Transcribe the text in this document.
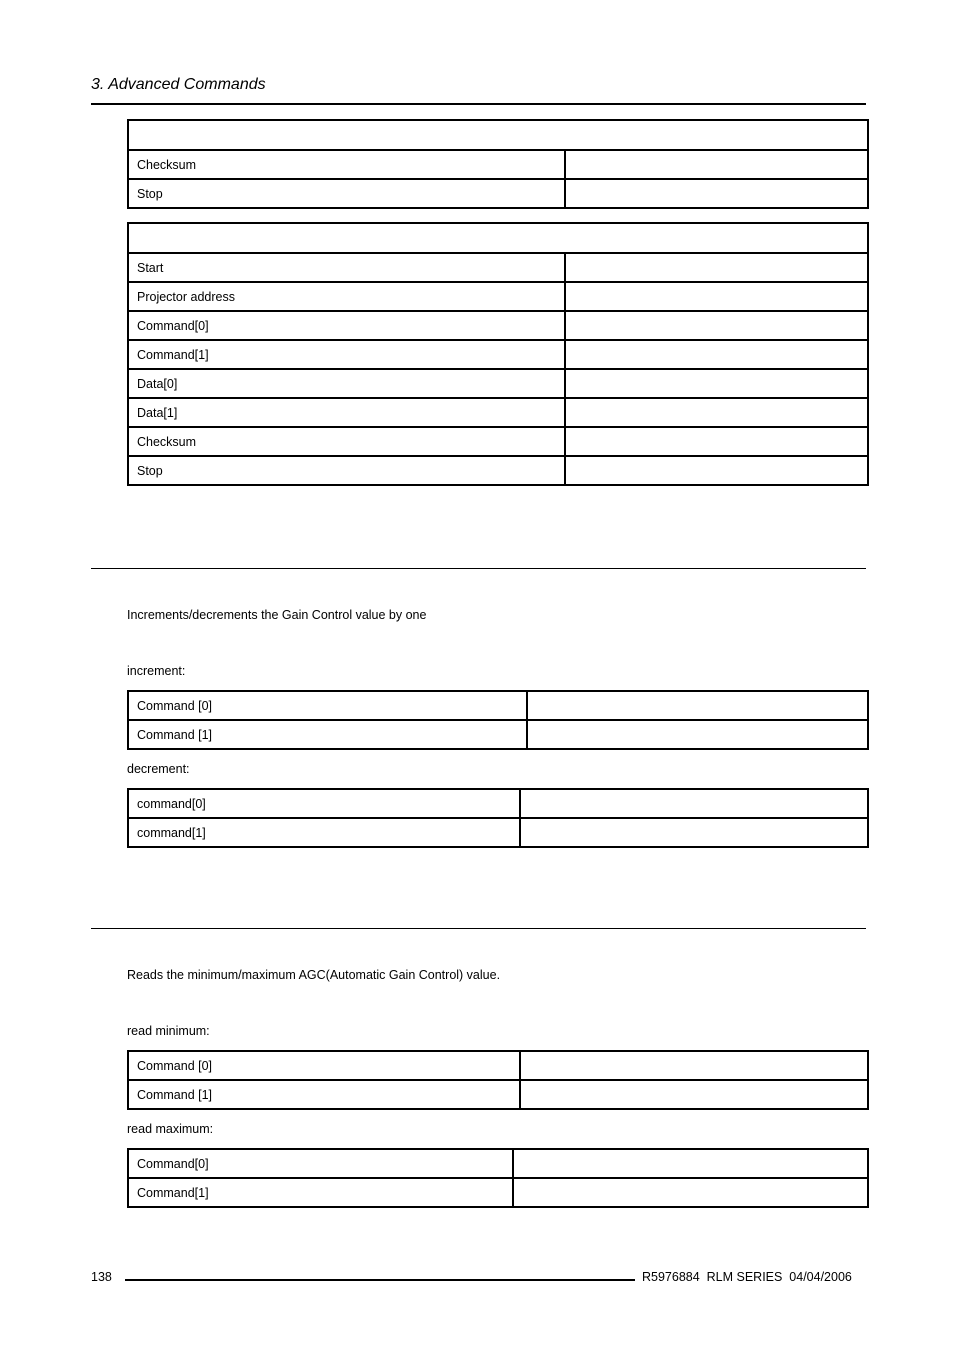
3. Advanced Commands

Checksum	
Stop	

Start	
Projector address	
Command[0]	
Command[1]	
Data[0]	
Data[1]	
Checksum	
Stop	
Increments/decrements the Gain Control value by one
increment:
Command [0]	
Command [1]	
decrement:
command[0]	
command[1]	
Reads the minimum/maximum AGC(Automatic Gain Control) value.
read minimum:
Command [0]	
Command [1]	
read maximum:
Command[0]	
Command[1]	
138	R5976884  RLM SERIES  04/04/2006
